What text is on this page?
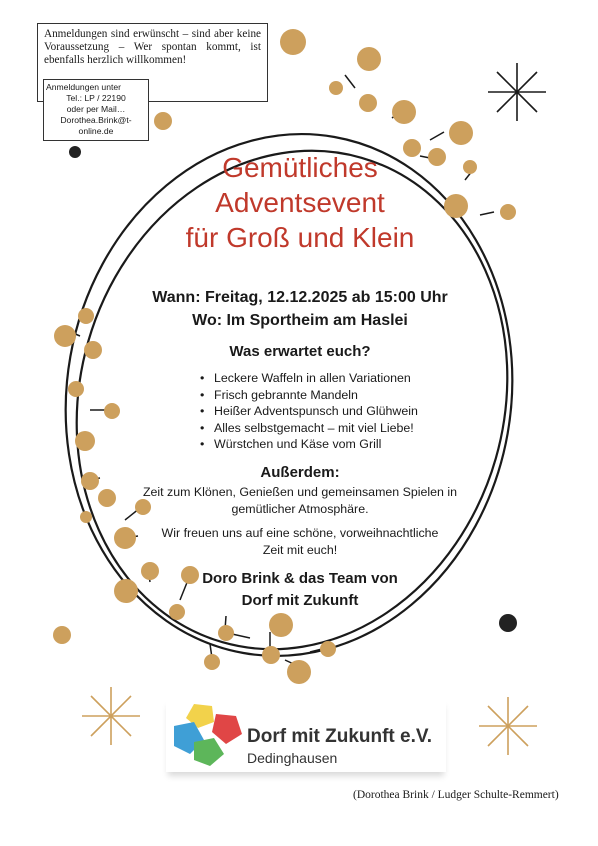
Anmeldungen sind erwünscht – sind aber keine Voraussetzung – Wer spontan kommt, ist ebenfalls herzlich willkommen!

Anmeldungen unter
Tel.: LP / 22190
oder per Mail…
Dorothea.Brink@t-
online.de
Gemütliches
Adventsevent
für Groß und Klein
Wann: Freitag, 12.12.2025 ab 15:00 Uhr
Wo: Im Sportheim am Haslei
Was erwartet euch?
• Leckere Waffeln in allen Variationen
• Frisch gebrannte Mandeln
• Heißer Adventspunsch und Glühwein
• Alles selbstgemacht – mit viel Liebe!
• Würstchen und Käse vom Grill
Außerdem:

Zeit zum Klönen, Genießen und gemeinsamen Spielen in gemütlicher Atmosphäre.

Wir freuen uns auf eine schöne, vorweihnachtliche Zeit mit euch!

Doro Brink & das Team von
Dorf mit Zukunft
Dorf mit Zukunft e.V.
Dedinghausen
(Dorothea Brink / Ludger Schulte-Remmert)
